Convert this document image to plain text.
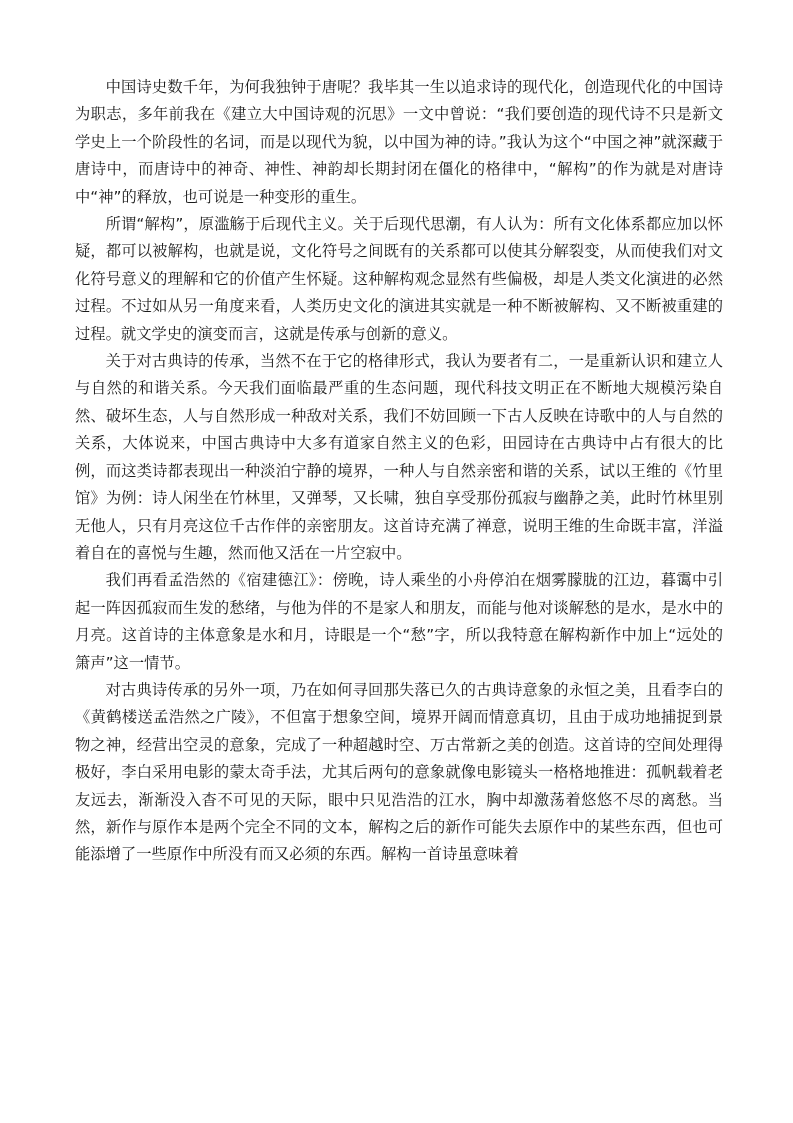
中国诗史数千年，为何我独钟于唐呢？我毕其一生以追求诗的现代化，创造现代化的中国诗为职志，多年前我在《建立大中国诗观的沉思》一文中曾说：“我们要创造的现代诗不只是新文学史上一个阶段性的名词，而是以现代为貌，以中国为神的诗。”我认为这个“中国之神”就深藏于唐诗中，而唐诗中的神奇、神性、神韵却长期封闭在僵化的格律中，“解构”的作为就是对唐诗中“神”的释放，也可说是一种变形的重生。

所谓“解构”，原滥觞于后现代主义。关于后现代思潮，有人认为：所有文化体系都应加以怀疑，都可以被解构，也就是说，文化符号之间既有的关系都可以使其分解裂变，从而使我们对文化符号意义的理解和它的价值产生怀疑。这种解构观念显然有些偏极，却是人类文化演进的必然过程。不过如从另一角度来看，人类历史文化的演进其实就是一种不断被解构、又不断被重建的过程。就文学史的演变而言，这就是传承与创新的意义。

关于对古典诗的传承，当然不在于它的格律形式，我认为要者有二，一是重新认识和建立人与自然的和谐关系。今天我们面临最严重的生态问题，现代科技文明正在不断地大规模污染自然、破坏生态，人与自然形成一种敌对关系，我们不妨回顾一下古人反映在诗歌中的人与自然的关系，大体说来，中国古典诗中大多有道家自然主义的色彩，田园诗在古典诗中占有很大的比例，而这类诗都表现出一种淡泊宁静的境界，一种人与自然亲密和谐的关系，试以王维的《竹里馆》为例：诗人闲坐在竹林里，又弹琴，又长啸，独自享受那份孤寂与幽静之美，此时竹林里别无他人，只有月亮这位千古作伴的亲密朋友。这首诗充满了禅意，说明王维的生命既丰富，洋溢着自在的喜悦与生趣，然而他又活在一片空寂中。

我们再看孟浩然的《宿建德江》：傍晚，诗人乘坐的小舟停泊在烟雾朦胧的江边，暮霭中引起一阵因孤寂而生发的愁绪，与他为伴的不是家人和朋友，而能与他对谈解愁的是水，是水中的月亮。这首诗的主体意象是水和月，诗眼是一个“愁”字，所以我特意在解构新作中加上“远处的箫声”这一情节。

对古典诗传承的另外一项，乃在如何寻回那失落已久的古典诗意象的永恒之美，且看李白的《黄鹤楼送孟浩然之广陵》，不但富于想象空间，境界开阔而情意真切，且由于成功地捕捉到景物之神，经营出空灵的意象，完成了一种超越时空、万古常新之美的创造。这首诗的空间处理得极好，李白采用电影的蒙太奇手法，尤其后两句的意象就像电影镜头一格格地推进：孤帆载着老友远去，渐渐没入杳不可见的天际，眼中只见浩浩的江水，胸中却激荡着悠悠不尽的离愁。当然，新作与原作本是两个完全不同的文本，解构之后的新作可能失去原作中的某些东西，但也可能添增了一些原作中所没有而又必须的东西。解构一首诗虽意味着
